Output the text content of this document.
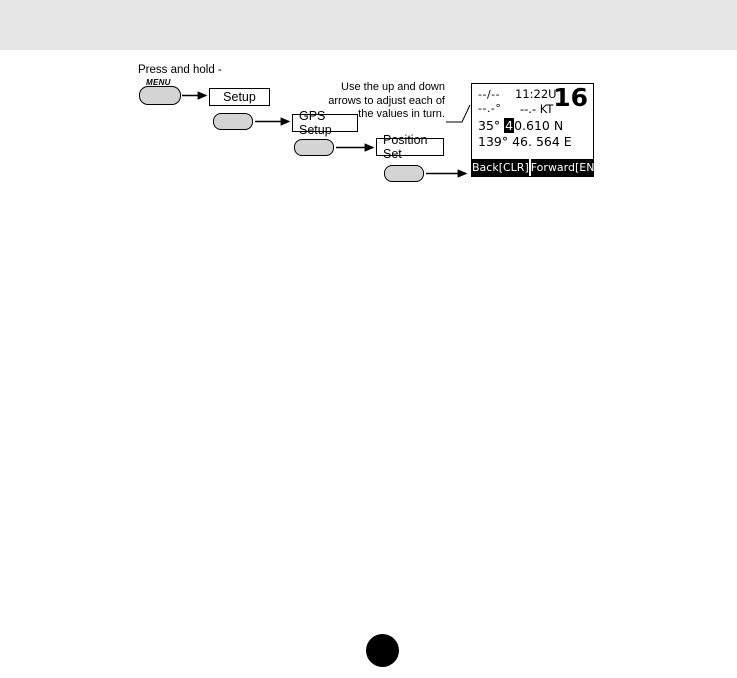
Press and hold -
MENU
Setup
GPS Setup
Position Set
Use the up and down arrows to adjust each of the values in turn.
--/-- 11:22U
--.-° --.- KT 16
35° 40.610 N
139° 46. 564 E
Back[CLR] Forward[ENT]
